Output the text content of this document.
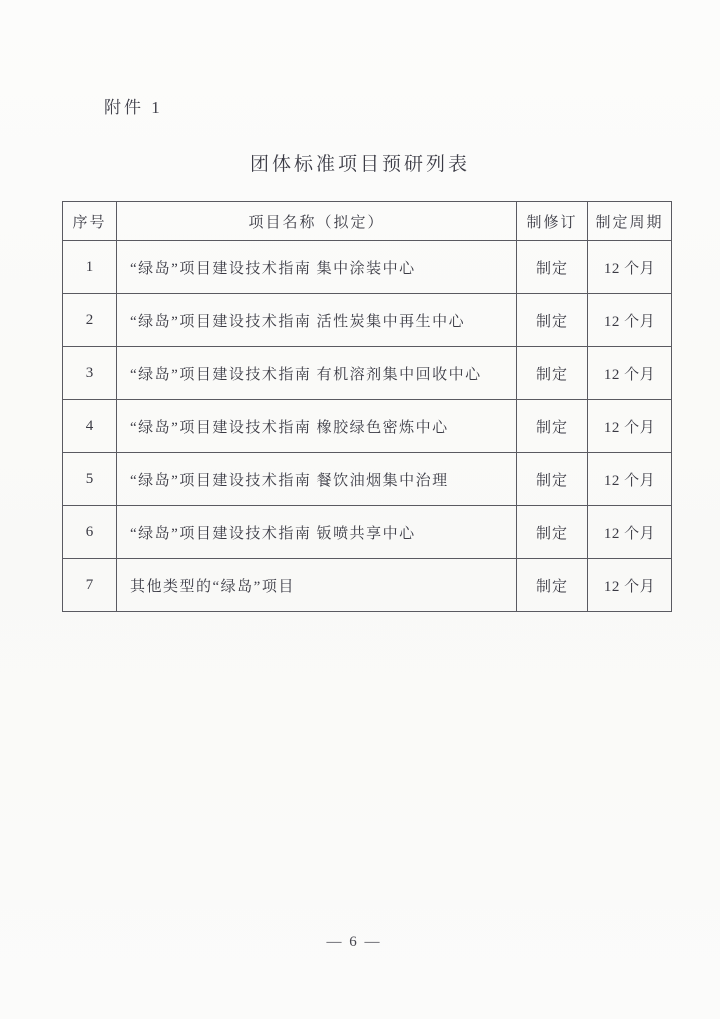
附件 1
团体标准项目预研列表
序号	项目名称（拟定）	制修订	制定周期
1	“绿岛”项目建设技术指南 集中涂装中心	制定	12 个月
2	“绿岛”项目建设技术指南 活性炭集中再生中心	制定	12 个月
3	“绿岛”项目建设技术指南 有机溶剂集中回收中心	制定	12 个月
4	“绿岛”项目建设技术指南 橡胶绿色密炼中心	制定	12 个月
5	“绿岛”项目建设技术指南 餐饮油烟集中治理	制定	12 个月
6	“绿岛”项目建设技术指南 钣喷共享中心	制定	12 个月
7	其他类型的“绿岛”项目	制定	12 个月
— 6 —
